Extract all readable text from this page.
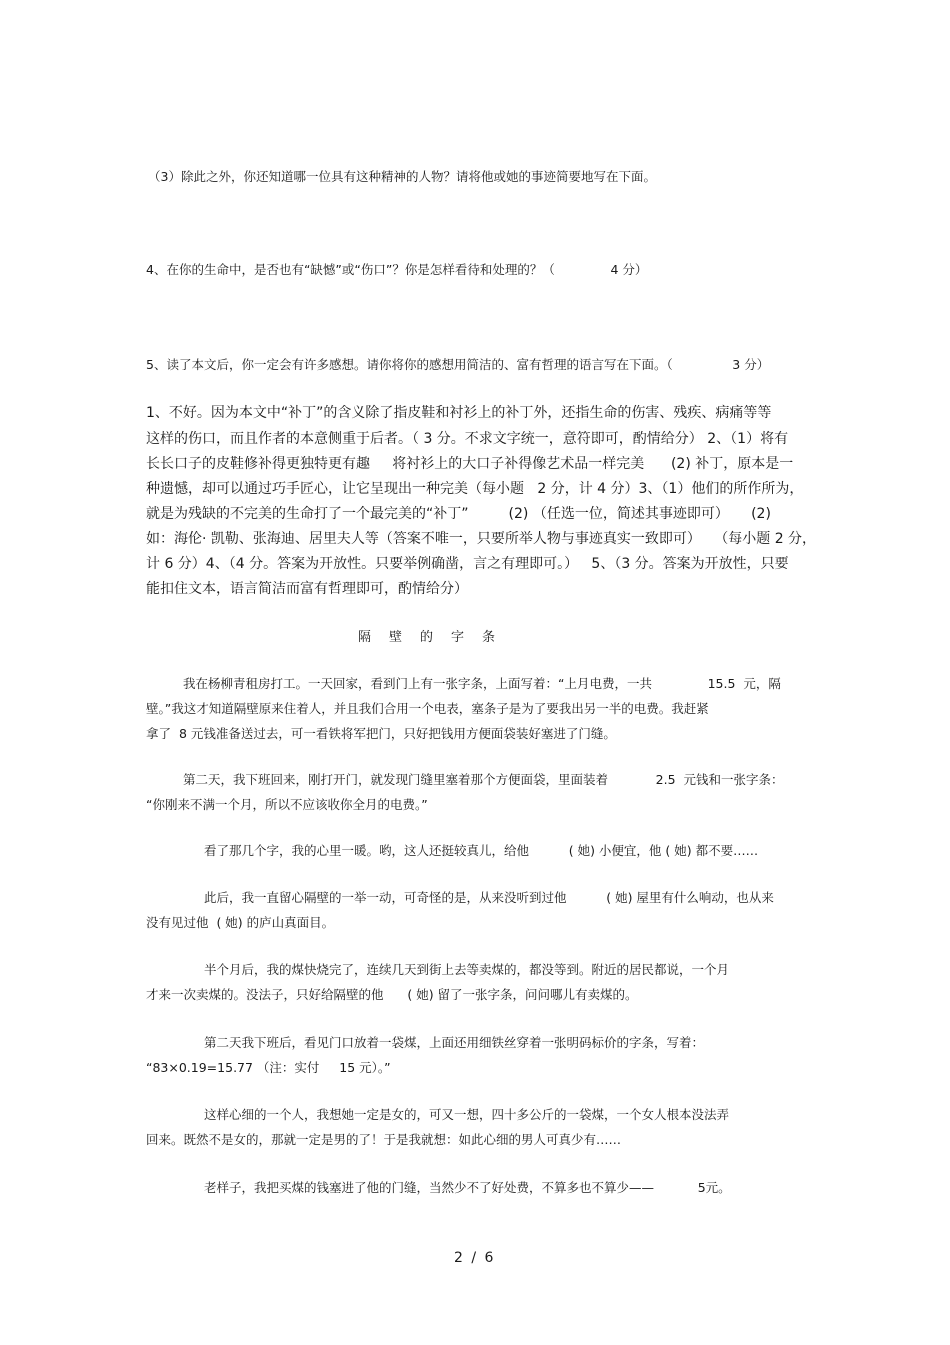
（3）除此之外，你还知道哪一位具有这种精神的人物？请将他或她的事迹简要地写在下面。
4、在你的生命中，是否也有“缺憾”或“伤口”？你是怎样看待和处理的？（              4 分）
5、读了本文后，你一定会有许多感想。请你将你的感想用简洁的、富有哲理的语言写在下面。（               3 分）
1、不好。因为本文中“补丁”的含义除了指皮鞋和衬衫上的补丁外，还指生命的伤害、残疾、病痛等等
这样的伤口，而且作者的本意侧重于后者。（ 3 分。不求文字统一，意符即可，酌情给分） 2、（1）将有
长长口子的皮鞋修补得更独特更有趣     将衬衫上的大口子补得像艺术品一样完美      (2) 补丁，原本是一
种遗憾，却可以通过巧手匠心，让它呈现出一种完美（每小题   2 分，计 4 分）3、（1）他们的所作所为，
就是为残缺的不完美的生命打了一个最完美的“补丁”         (2) （任选一位，简述其事迹即可）     (2)
如：海伦· 凯勒、张海迪、居里夫人等（答案不唯一，只要所举人物与事迹真实一致即可）   （每小题 2 分，
计 6 分）4、（4 分。答案为开放性。只要举例确凿，言之有理即可。）   5、（3 分。答案为开放性，只要
能扣住文本，语言简洁而富有哲理即可，酌情给分）
隔壁的字条
我在杨柳青租房打工。一天回家，看到门上有一张字条，上面写着：“上月电费，一共              15.5  元，隔
壁。”我这才知道隔壁原来住着人，并且我们合用一个电表，塞条子是为了要我出另一半的电费。我赶紧
拿了  8 元钱准备送过去，可一看铁将军把门，只好把钱用方便面袋装好塞进了门缝。
第二天，我下班回来，刚打开门，就发现门缝里塞着那个方便面袋，里面装着            2.5  元钱和一张字条：
“你刚来不满一个月，所以不应该收你全月的电费。”
看了那几个字，我的心里一暖。哟，这人还挺较真儿，给他          ( 她) 小便宜，他 ( 她) 都不要……
此后，我一直留心隔壁的一举一动，可奇怪的是，从来没听到过他          ( 她) 屋里有什么响动，也从来
没有见过他  ( 她) 的庐山真面目。
半个月后，我的煤快烧完了，连续几天到街上去等卖煤的，都没等到。附近的居民都说，一个月
才来一次卖煤的。没法子，只好给隔壁的他      ( 她) 留了一张字条，问问哪儿有卖煤的。
第二天我下班后，看见门口放着一袋煤，上面还用细铁丝穿着一张明码标价的字条，写着：
“83×0.19=15.77 （注：实付     15 元）。”
这样心细的一个人，我想她一定是女的，可又一想，四十多公斤的一袋煤，一个女人根本没法弄
回来。既然不是女的，那就一定是男的了！于是我就想：如此心细的男人可真少有……
老样子，我把买煤的钱塞进了他的门缝，当然少不了好处费，不算多也不算少——           5元。
2 / 6
